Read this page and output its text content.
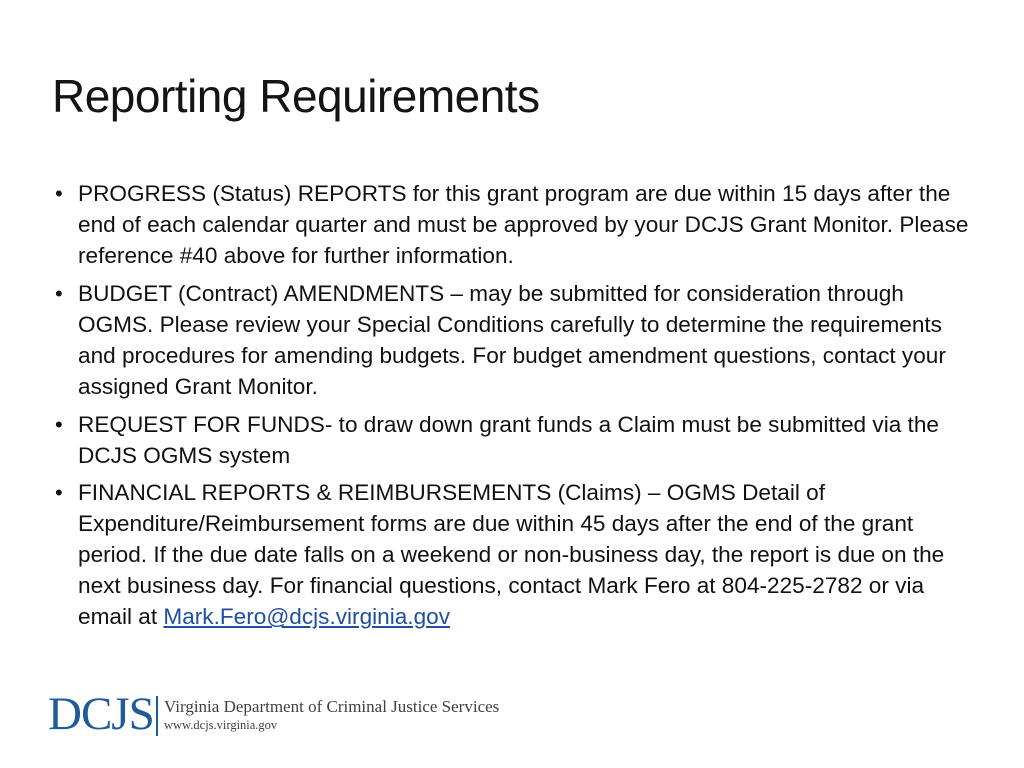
Reporting Requirements
• PROGRESS (Status) REPORTS for this grant program are due within 15 days after the end of each calendar quarter and must be approved by your DCJS Grant Monitor. Please reference #40 above for further information.
• BUDGET (Contract) AMENDMENTS – may be submitted for consideration through OGMS. Please review your Special Conditions carefully to determine the requirements and procedures for amending budgets. For budget amendment questions, contact your assigned Grant Monitor.
• REQUEST FOR FUNDS- to draw down grant funds a Claim must be submitted via the DCJS OGMS system
• FINANCIAL REPORTS & REIMBURSEMENTS (Claims) – OGMS Detail of Expenditure/Reimbursement forms are due within 45 days after the end of the grant period. If the due date falls on a weekend or non-business day, the report is due on the next business day. For financial questions, contact Mark Fero at 804-225-2782 or via email at Mark.Fero@dcjs.virginia.gov
DCJS Virginia Department of Criminal Justice Services
www.dcjs.virginia.gov
